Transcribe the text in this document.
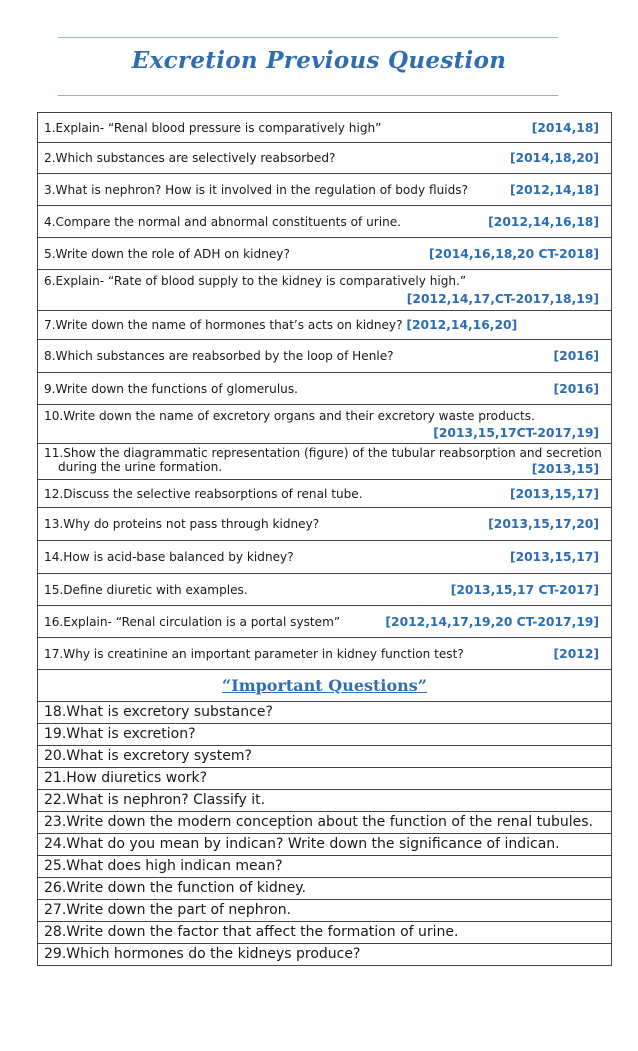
Excretion Previous Question
1.Explain- “Renal blood pressure is comparatively high”	[2014,18]

2.Which substances are selectively reabsorbed?	[2014,18,20]

3.What is nephron? How is it involved in the regulation of body fluids?	[2012,14,18]

4.Compare the normal and abnormal constituents of urine.	[2012,14,16,18]

5.Write down the role of ADH on kidney?	[2014,16,18,20 CT-2018]

6.Explain- “Rate of blood supply to the kidney is comparatively high.”
[2012,14,17,CT-2017,18,19]

7.Write down the name of hormones that’s acts on kidney? [2012,14,16,20]

8.Which substances are reabsorbed by the loop of Henle?	[2016]

9.Write down the functions of glomerulus.	[2016]

10.Write down the name of excretory organs and their excretory waste products.
[2013,15,17CT-2017,19]

11.Show the diagrammatic representation (figure) of the tubular reabsorption and secretion
during the urine formation.	[2013,15]

12.Discuss the selective reabsorptions of renal tube.	[2013,15,17]

13.Why do proteins not pass through kidney?	[2013,15,17,20]

14.How is acid-base balanced by kidney?	[2013,15,17]

15.Define diuretic with examples.	[2013,15,17 CT-2017]

16.Explain- “Renal circulation is a portal system”	[2012,14,17,19,20 CT-2017,19]

17.Why is creatinine an important parameter in kidney function test?	[2012]

“Important Questions”
18.What is excretory substance?
19.What is excretion?
20.What is excretory system?
21.How diuretics work?
22.What is nephron? Classify it.
23.Write down the modern conception about the function of the renal tubules.
24.What do you mean by indican? Write down the significance of indican.
25.What does high indican mean?
26.Write down the function of kidney.
27.Write down the part of nephron.
28.Write down the factor that affect the formation of urine.
29.Which hormones do the kidneys produce?
